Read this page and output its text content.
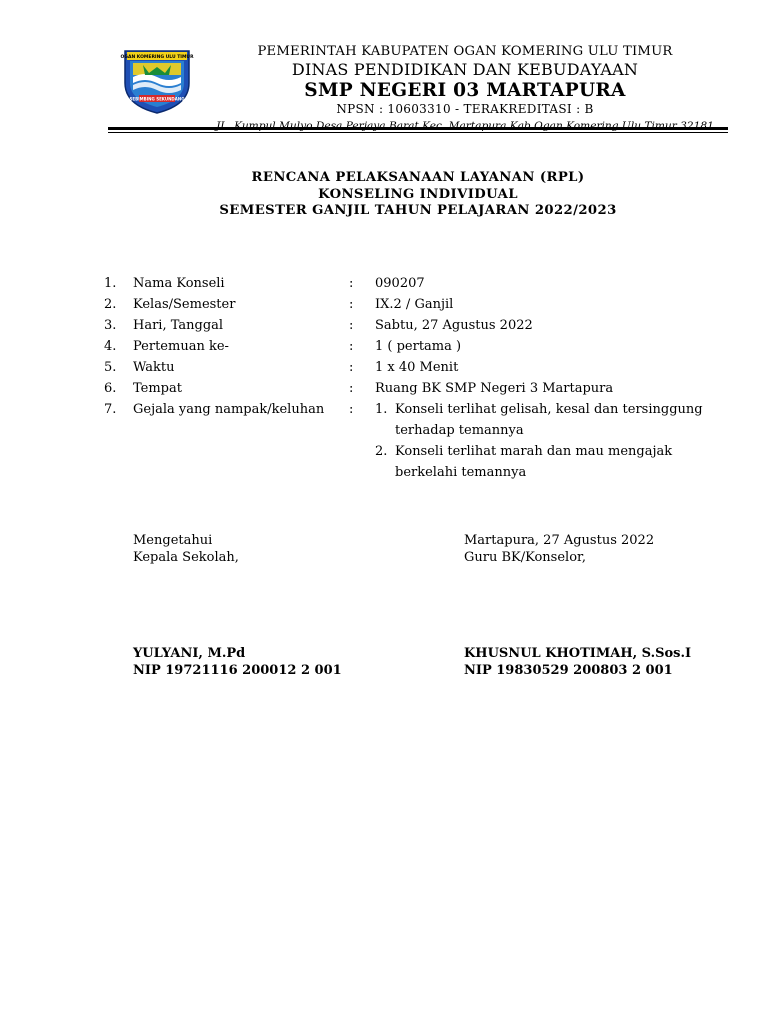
OGAN KOMERING ULU TIMUR
SEBIMBING SEKUNDANG
PEMERINTAH KABUPATEN OGAN KOMERING ULU TIMUR
DINAS PENDIDIKAN DAN KEBUDAYAAN
SMP NEGERI 03 MARTAPURA
NPSN : 10603310 - TERAKREDITASI : B
JL. Kumpul Mulyo Desa Perjaya Barat Kec. Martapura Kab.Ogan Komering Ulu Timur 32181
RENCANA PELAKSANAAN LAYANAN (RPL)
KONSELING INDIVIDUAL
SEMESTER GANJIL TAHUN PELAJARAN 2022/2023
1.	Nama Konseli	:	090207
2.	Kelas/Semester	:	IX.2 / Ganjil
3.	Hari, Tanggal	:	Sabtu, 27 Agustus 2022
4.	Pertemuan ke-	:	1 ( pertama )
5.	Waktu	:	1 x 40 Menit
6.	Tempat	:	Ruang BK SMP Negeri 3 Martapura
7.	Gejala yang nampak/keluhan	:	1. Konseli terlihat gelisah, kesal dan tersinggung terhadap temannya
2. Konseli terlihat marah dan mau mengajak berkelahi temannya
Mengetahui
Kepala Sekolah,
YULYANI, M.Pd
NIP 19721116 200012 2 001
Martapura, 27 Agustus 2022
Guru BK/Konselor,
KHUSNUL KHOTIMAH, S.Sos.I
NIP 19830529 200803 2 001
